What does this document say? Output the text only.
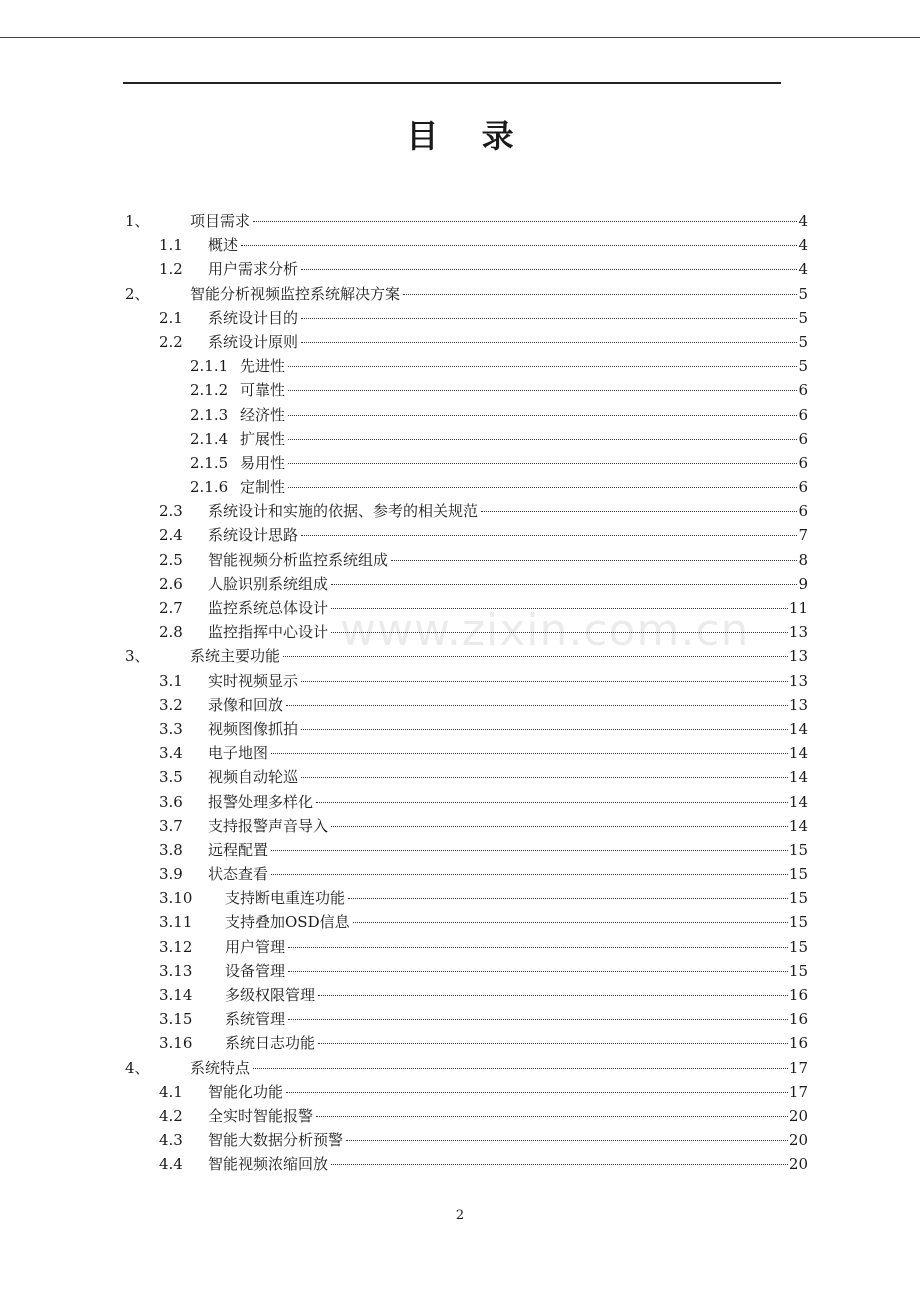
目 录
1、	项目需求	4
1.1 概述	4
1.2 用户需求分析	4
2、	智能分析视频监控系统解决方案	5
2.1 系统设计目的	5
2.2 系统设计原则	5
2.1.1 先进性	5
2.1.2 可靠性	6
2.1.3 经济性	6
2.1.4 扩展性	6
2.1.5 易用性	6
2.1.6 定制性	6
2.3 系统设计和实施的依据、参考的相关规范	6
2.4 系统设计思路	7
2.5 智能视频分析监控系统组成	8
2.6 人脸识别系统组成	9
2.7 监控系统总体设计	11
2.8 监控指挥中心设计	13
3、	系统主要功能	13
3.1 实时视频显示	13
3.2 录像和回放	13
3.3 视频图像抓拍	14
3.4 电子地图	14
3.5 视频自动轮巡	14
3.6 报警处理多样化	14
3.7 支持报警声音导入	14
3.8 远程配置	15
3.9 状态查看	15
3.10 支持断电重连功能	15
3.11 支持叠加OSD信息	15
3.12 用户管理	15
3.13 设备管理	15
3.14 多级权限管理	16
3.15 系统管理	16
3.16 系统日志功能	16
4、	系统特点	17
4.1 智能化功能	17
4.2 全实时智能报警	20
4.3 智能大数据分析预警	20
4.4 智能视频浓缩回放	20
www.zixin.com.cn
2
